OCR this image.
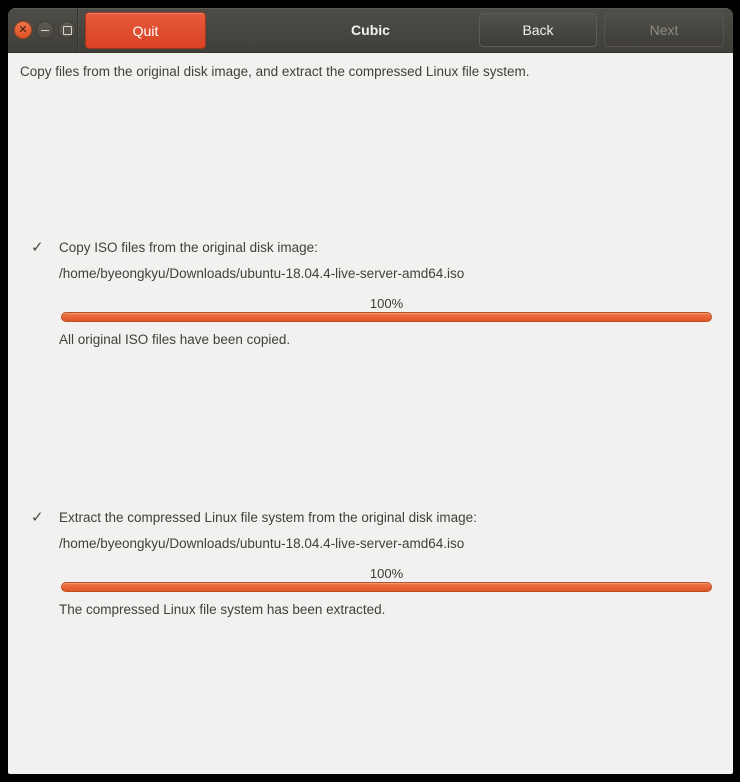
✕	Cubic
Quit	Back	Next
Copy files from the original disk image, and extract the compressed Linux file system.
✓ Copy ISO files from the original disk image:
/home/byeongkyu/Downloads/ubuntu-18.04.4-live-server-amd64.iso
100%
All original ISO files have been copied.
✓ Extract the compressed Linux file system from the original disk image:
/home/byeongkyu/Downloads/ubuntu-18.04.4-live-server-amd64.iso
100%
The compressed Linux file system has been extracted.
